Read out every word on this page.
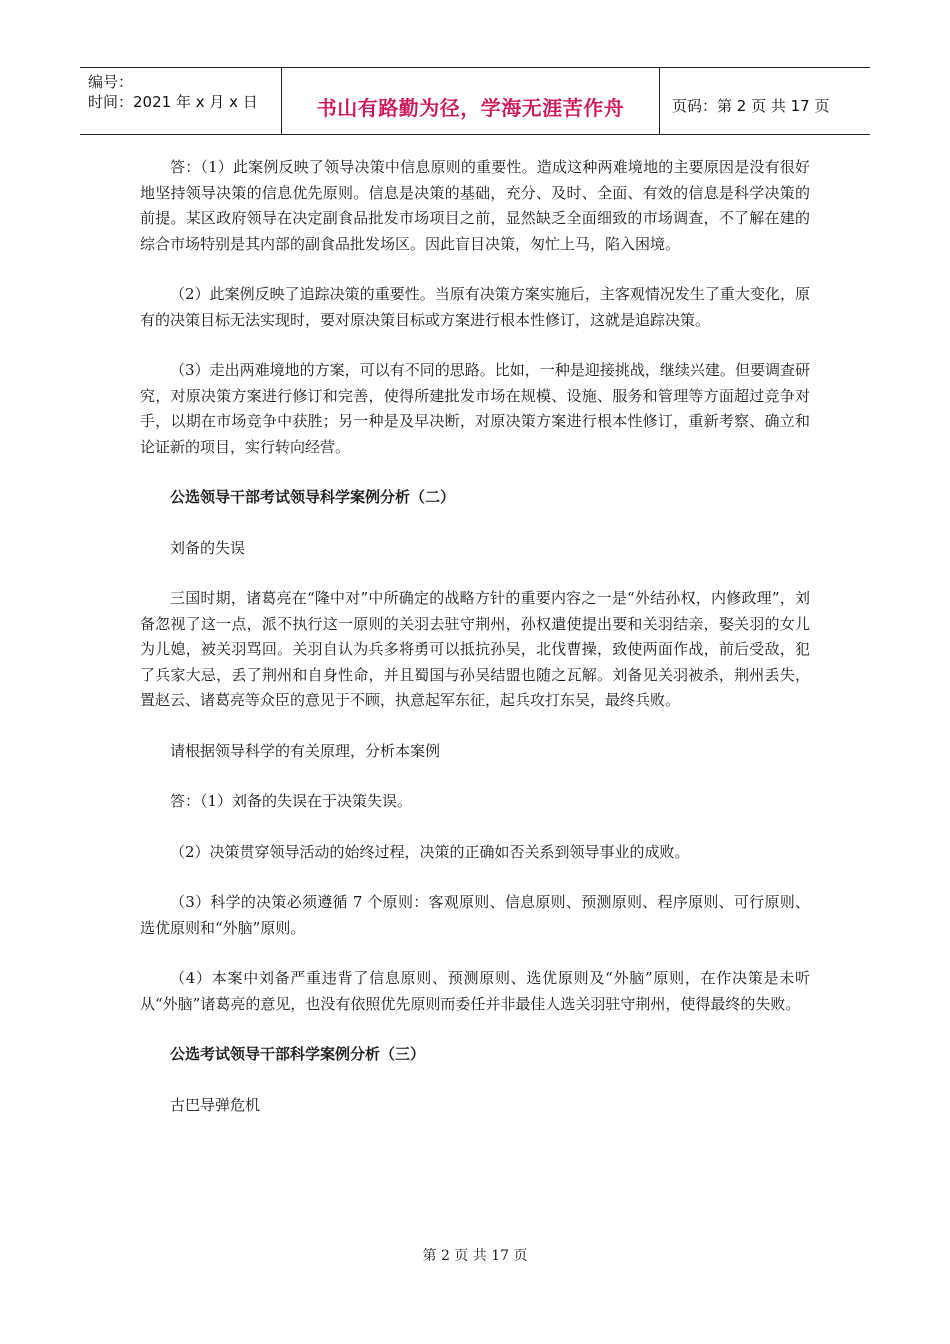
编号：
时间：2021 年 x 月 x 日	书山有路勤为径，学海无涯苦作舟	页码：第 2 页 共 17 页

答：（1）此案例反映了领导决策中信息原则的重要性。造成这种两难境地的主要原因是没有很好地坚持领导决策的信息优先原则。信息是决策的基础，充分、及时、全面、有效的信息是科学决策的前提。某区政府领导在决定副食品批发市场项目之前，显然缺乏全面细致的市场调查，不了解在建的综合市场特别是其内部的副食品批发场区。因此盲目决策，匆忙上马，陷入困境。

（2）此案例反映了追踪决策的重要性。当原有决策方案实施后，主客观情况发生了重大变化，原有的决策目标无法实现时，要对原决策目标或方案进行根本性修订，这就是追踪决策。

（3）走出两难境地的方案，可以有不同的思路。比如，一种是迎接挑战，继续兴建。但要调查研究，对原决策方案进行修订和完善，使得所建批发市场在规模、设施、服务和管理等方面超过竞争对手，以期在市场竞争中获胜；另一种是及早决断，对原决策方案进行根本性修订，重新考察、确立和论证新的项目，实行转向经营。

公选领导干部考试领导科学案例分析（二）

刘备的失误

三国时期，诸葛亮在“隆中对”中所确定的战略方针的重要内容之一是“外结孙权，内修政理”，刘备忽视了这一点，派不执行这一原则的关羽去驻守荆州，孙权遣使提出要和关羽结亲，娶关羽的女儿为儿媳，被关羽骂回。关羽自认为兵多将勇可以抵抗孙吴，北伐曹操，致使两面作战，前后受敌，犯了兵家大忌，丢了荆州和自身性命，并且蜀国与孙吴结盟也随之瓦解。刘备见关羽被杀，荆州丢失，置赵云、诸葛亮等众臣的意见于不顾，执意起军东征，起兵攻打东吴，最终兵败。

请根据领导科学的有关原理，分析本案例

答：（1）刘备的失误在于决策失误。

（2）决策贯穿领导活动的始终过程，决策的正确如否关系到领导事业的成败。

（3）科学的决策必须遵循 7 个原则：客观原则、信息原则、预测原则、程序原则、可行原则、选优原则和“外脑”原则。

（4）本案中刘备严重违背了信息原则、预测原则、选优原则及“外脑”原则，在作决策是未听从“外脑”诸葛亮的意见，也没有依照优先原则而委任并非最佳人选关羽驻守荆州，使得最终的失败。

公选考试领导干部科学案例分析（三）

古巴导弹危机

第 2 页 共 17 页
